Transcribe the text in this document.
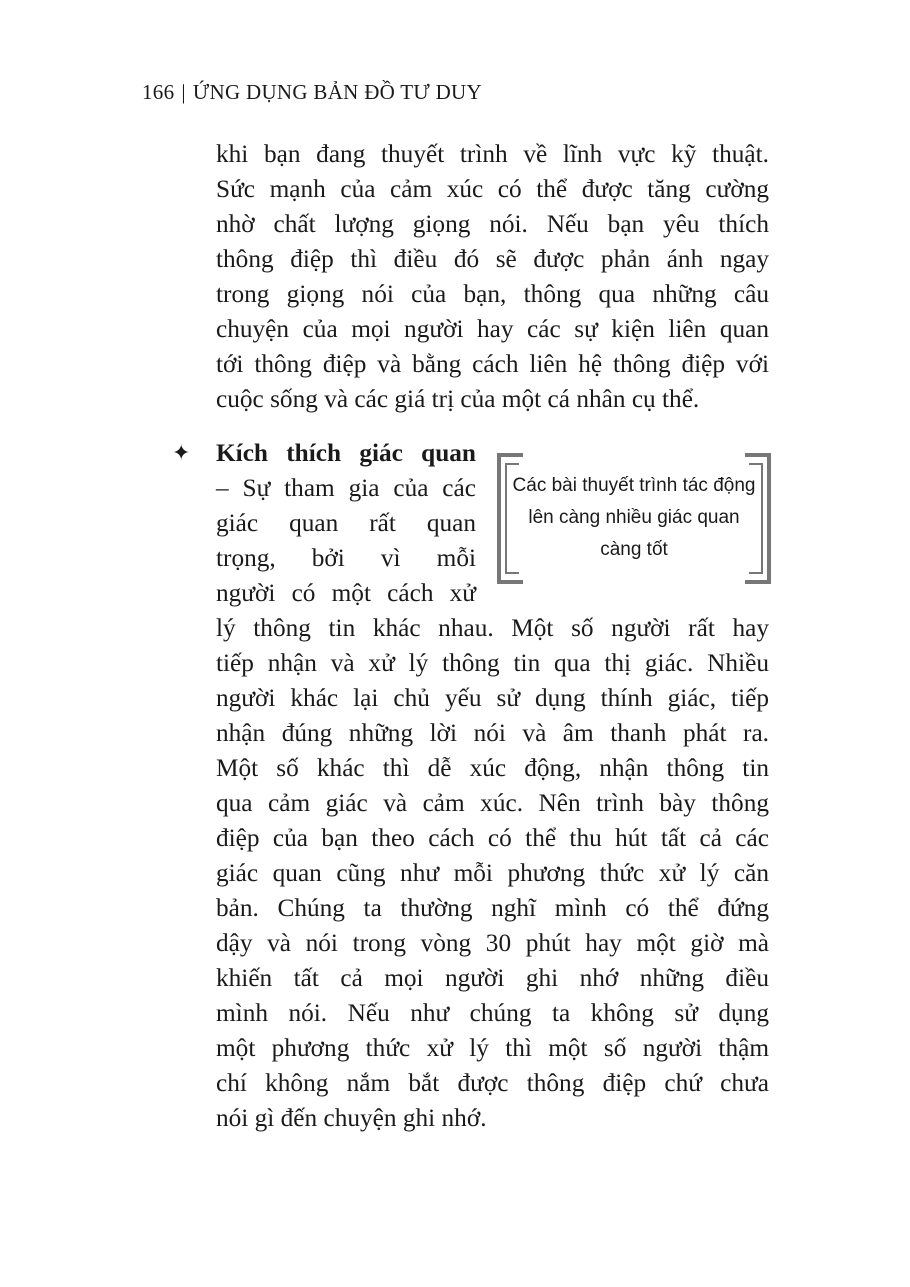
166 | ỨNG DỤNG BẢN ĐỒ TƯ DUY
khi bạn đang thuyết trình về lĩnh vực kỹ thuật.
Sức mạnh của cảm xúc có thể được tăng cường
nhờ chất lượng giọng nói. Nếu bạn yêu thích
thông điệp thì điều đó sẽ được phản ánh ngay
trong giọng nói của bạn, thông qua những câu
chuyện của mọi người hay các sự kiện liên quan
tới thông điệp và bằng cách liên hệ thông điệp với
cuộc sống và các giá trị của một cá nhân cụ thể.
✦ Kích thích giác quan
– Sự tham gia của các
giác quan rất quan
trọng, bởi vì mỗi
người có một cách xử
Các bài thuyết trình tác động
lên càng nhiều giác quan
càng tốt
lý thông tin khác nhau. Một số người rất hay
tiếp nhận và xử lý thông tin qua thị giác. Nhiều
người khác lại chủ yếu sử dụng thính giác, tiếp
nhận đúng những lời nói và âm thanh phát ra.
Một số khác thì dễ xúc động, nhận thông tin
qua cảm giác và cảm xúc. Nên trình bày thông
điệp của bạn theo cách có thể thu hút tất cả các
giác quan cũng như mỗi phương thức xử lý căn
bản. Chúng ta thường nghĩ mình có thể đứng
dậy và nói trong vòng 30 phút hay một giờ mà
khiến tất cả mọi người ghi nhớ những điều
mình nói. Nếu như chúng ta không sử dụng
một phương thức xử lý thì một số người thậm
chí không nắm bắt được thông điệp chứ chưa
nói gì đến chuyện ghi nhớ.
